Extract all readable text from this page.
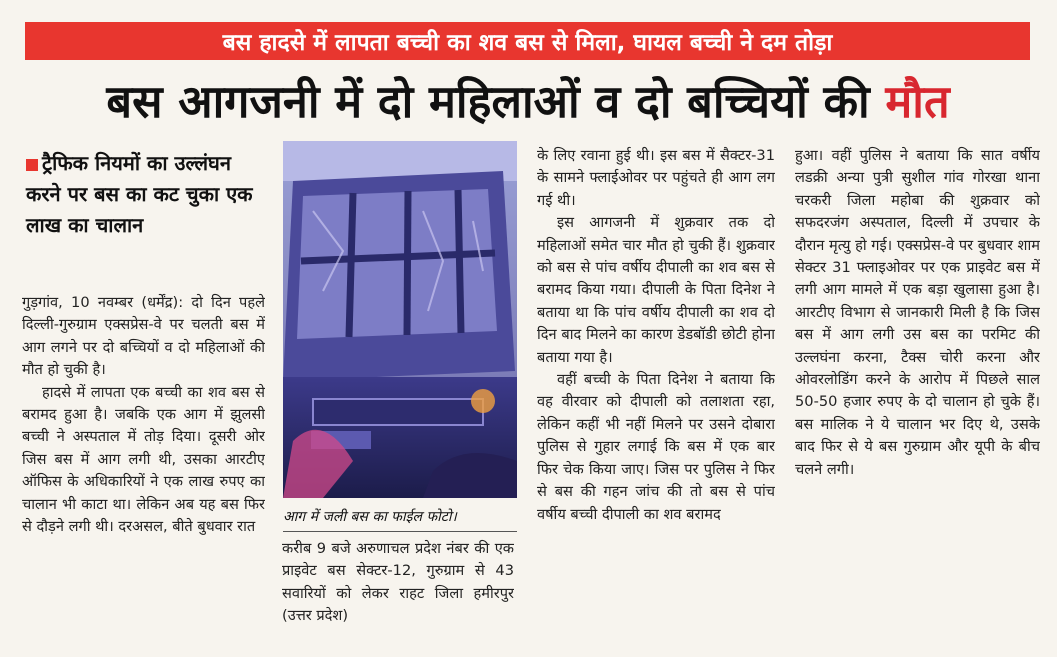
बस हादसे में लापता बच्ची का शव बस से मिला, घायल बच्ची ने दम तोड़ा
बस आगजनी में दो महिलाओं व दो बच्चियों की मौत
ट्रैफिक नियमों का उल्लंघन करने पर बस का कट चुका एक लाख का चालान

गुड़गांव, 10 नवम्बर (धर्मेंद्र): दो दिन पहले दिल्ली-गुरुग्राम एक्सप्रेस-वे पर चलती बस में आग लगने पर दो बच्चियों व दो महिलाओं की मौत हो चुकी है।

हादसे में लापता एक बच्ची का शव बस से बरामद हुआ है। जबकि एक आग में झुलसी बच्ची ने अस्पताल में तोड़ दिया। दूसरी ओर जिस बस में आग लगी थी, उसका आरटीए ऑफिस के अधिकारियों ने एक लाख रुपए का चालान भी काटा था। लेकिन अब यह बस फिर से दौड़ने लगी थी। दरअसल, बीते बुधवार रात

आग में जली बस का फाईल फोटो।

करीब 9 बजे अरुणाचल प्रदेश नंबर की एक प्राइवेट बस सेक्टर-12, गुरुग्राम से 43 सवारियों को लेकर राहट जिला हमीरपुर (उत्तर प्रदेश)

के लिए रवाना हुई थी। इस बस में सैक्टर-31 के सामने फ्लाईओवर पर पहुंचते ही आग लग गई थी।

इस आगजनी में शुक्रवार तक दो महिलाओं समेत चार मौत हो चुकी हैं। शुक्रवार को बस से पांच वर्षीय दीपाली का शव बस से बरामद किया गया। दीपाली के पिता दिनेश ने बताया था कि पांच वर्षीय दीपाली का शव दो दिन बाद मिलने का कारण डेडबॉडी छोटी होना बताया गया है।

वहीं बच्ची के पिता दिनेश ने बताया कि वह वीरवार को दीपाली को तलाशता रहा, लेकिन कहीं भी नहीं मिलने पर उसने दोबारा पुलिस से गुहार लगाई कि बस में एक बार फिर चेक किया जाए। जिस पर पुलिस ने फिर से बस की गहन जांच की तो बस से पांच वर्षीय बच्ची दीपाली का शव बरामद

हुआ। वहीं पुलिस ने बताया कि सात वर्षीय लडक्री अन्या पुत्री सुशील गांव गोरखा थाना चरकरी जिला महोबा की शुक्रवार को सफदरजंग अस्पताल, दिल्ली में उपचार के दौरान मृत्यु हो गई। एक्सप्रेस-वे पर बुधवार शाम सेक्टर 31 फ्लाइओवर पर एक प्राइवेट बस में लगी आग मामले में एक बड़ा खुलासा हुआ है। आरटीए विभाग से जानकारी मिली है कि जिस बस में आग लगी उस बस का परमिट की उल्लघंना करना, टैक्स चोरी करना और ओवरलोडिंग करने के आरोप में पिछले साल 50-50 हजार रुपए के दो चालान हो चुके हैं। बस मालिक ने ये चालान भर दिए थे, उसके बाद फिर से ये बस गुरुग्राम और यूपी के बीच चलने लगी।
